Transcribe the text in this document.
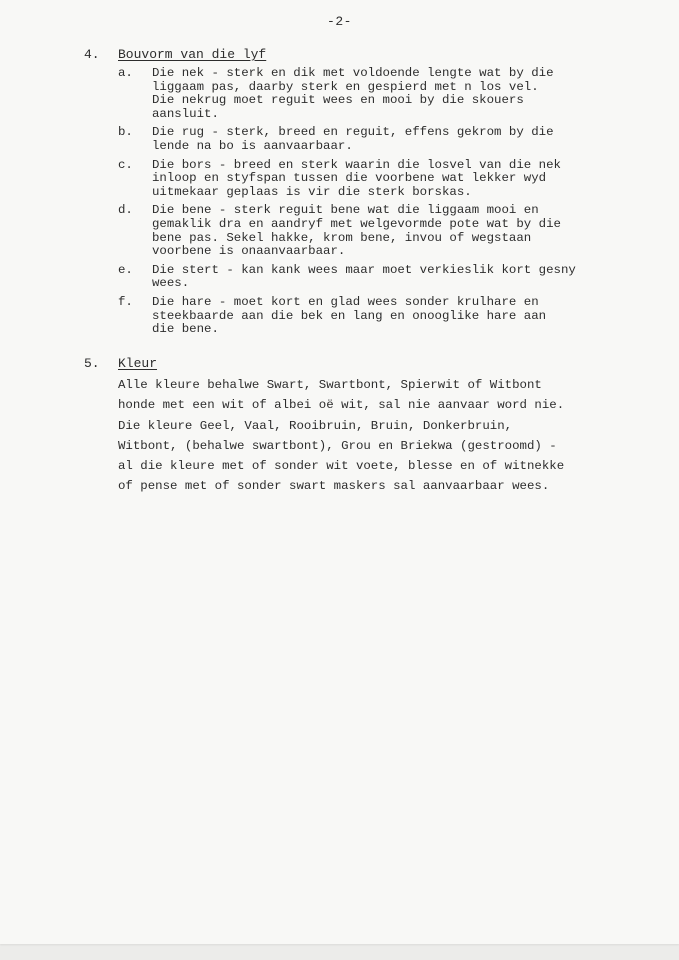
-2-
4.	Bouvorm van die lyf
a.	Die nek - sterk en dik met voldoende lengte wat by die
liggaam pas, daarby sterk en gespierd met n los vel.
Die nekrug moet reguit wees en mooi by die skouers
aansluit.
b.	Die rug - sterk, breed en reguit, effens gekrom by die
lende na bo is aanvaarbaar.
c.	Die bors - breed en sterk waarin die losvel van die nek
inloop en styfspan tussen die voorbene wat lekker wyd
uitmekaar geplaas is vir die sterk borskas.
d.	Die bene - sterk reguit bene wat die liggaam mooi en
gemaklik dra en aandryf met welgevormde pote wat by die
bene pas. Sekel hakke, krom bene, invou of wegstaan
voorbene is onaanvaarbaar.
e.	Die stert - kan kank wees maar moet verkieslik kort gesny
wees.
f.	Die hare - moet kort en glad wees sonder krulhare en
steekbaarde aan die bek en lang en onooglike hare aan
die bene.
5.	Kleur
Alle kleure behalwe Swart, Swartbont, Spierwit of Witbont
honde met een wit of albei oë wit, sal nie aanvaar word nie.
Die kleure Geel, Vaal, Rooibruin, Bruin, Donkerbruin,
Witbont, (behalwe swartbont), Grou en Briekwa (gestroomd) -
al die kleure met of sonder wit voete, blesse en of witnekke
of pense met of sonder swart maskers sal aanvaarbaar wees.
